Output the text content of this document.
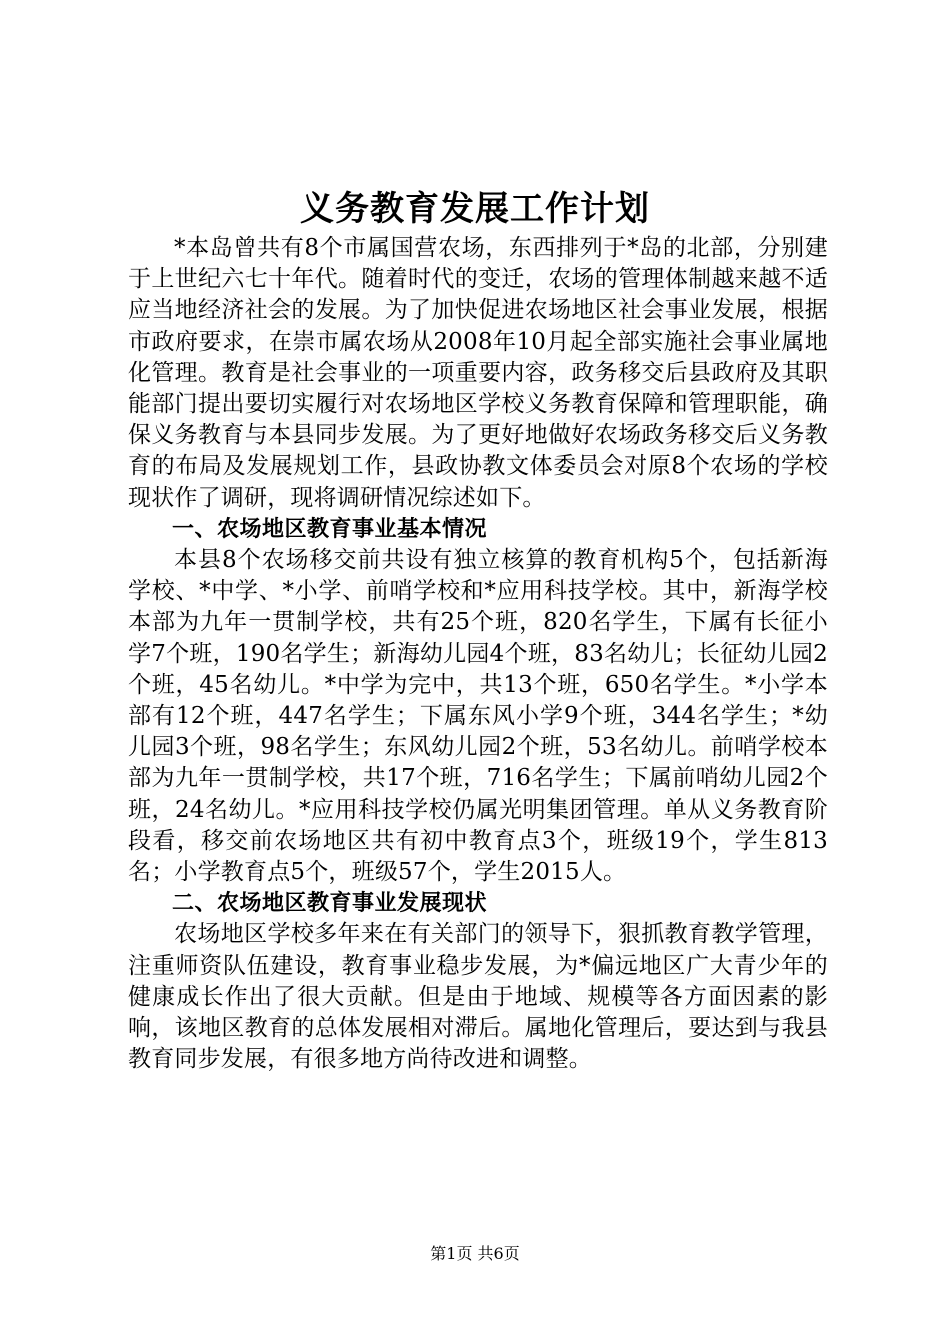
义务教育发展工作计划

*本岛曾共有8个市属国营农场，东西排列于*岛的北部，分别建于上世纪六七十年代。随着时代的变迁，农场的管理体制越来越不适应当地经济社会的发展。为了加快促进农场地区社会事业发展，根据市政府要求，在崇市属农场从2008年10月起全部实施社会事业属地化管理。教育是社会事业的一项重要内容，政务移交后县政府及其职能部门提出要切实履行对农场地区学校义务教育保障和管理职能，确保义务教育与本县同步发展。为了更好地做好农场政务移交后义务教育的布局及发展规划工作，县政协教文体委员会对原8个农场的学校现状作了调研，现将调研情况综述如下。

一、农场地区教育事业基本情况

本县8个农场移交前共设有独立核算的教育机构5个，包括新海学校、*中学、*小学、前哨学校和*应用科技学校。其中，新海学校本部为九年一贯制学校，共有25个班，820名学生，下属有长征小学7个班，190名学生；新海幼儿园4个班，83名幼儿；长征幼儿园2个班，45名幼儿。*中学为完中，共13个班，650名学生。*小学本部有12个班，447名学生；下属东风小学9个班，344名学生；*幼儿园3个班，98名学生；东风幼儿园2个班，53名幼儿。前哨学校本部为九年一贯制学校，共17个班，716名学生；下属前哨幼儿园2个班，24名幼儿。*应用科技学校仍属光明集团管理。单从义务教育阶段看，移交前农场地区共有初中教育点3个，班级19个，学生813名；小学教育点5个，班级57个，学生2015人。

二、农场地区教育事业发展现状

农场地区学校多年来在有关部门的领导下，狠抓教育教学管理，注重师资队伍建设，教育事业稳步发展，为*偏远地区广大青少年的健康成长作出了很大贡献。但是由于地域、规模等各方面因素的影响，该地区教育的总体发展相对滞后。属地化管理后，要达到与我县教育同步发展，有很多地方尚待改进和调整。

第1页 共6页
